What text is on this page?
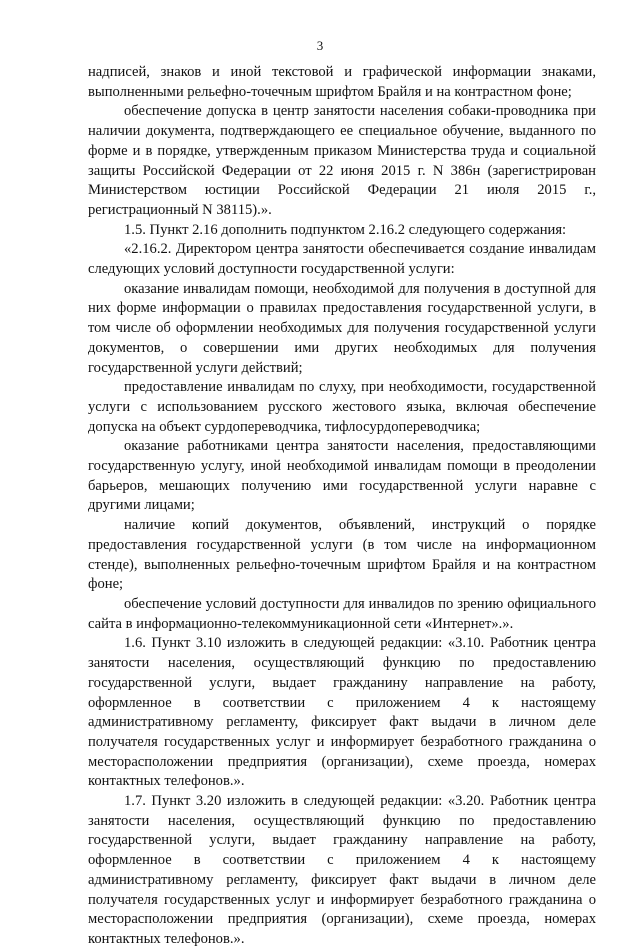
3

надписей, знаков и иной текстовой и графической информации знаками, выполненными рельефно-точечным шрифтом Брайля и на контрастном фоне;

обеспечение допуска в центр занятости населения собаки-проводника при наличии документа, подтверждающего ее специальное обучение, выданного по форме и в порядке, утвержденным приказом Министерства труда и социальной защиты Российской Федерации от 22 июня 2015 г. N 386н (зарегистрирован Министерством юстиции Российской Федерации 21 июля 2015 г., регистрационный N 38115).».

1.5. Пункт 2.16 дополнить подпунктом 2.16.2 следующего содержания:

«2.16.2. Директором центра занятости обеспечивается создание инвалидам следующих условий доступности государственной услуги:

оказание инвалидам помощи, необходимой для получения в доступной для них форме информации о правилах предоставления государственной услуги, в том числе об оформлении необходимых для получения государственной услуги документов, о совершении ими других необходимых для получения государственной услуги действий;

предоставление инвалидам по слуху, при необходимости, государственной услуги с использованием русского жестового языка, включая обеспечение допуска на объект сурдопереводчика, тифлосурдопереводчика;

оказание работниками центра занятости населения, предоставляющими государственную услугу, иной необходимой инвалидам помощи в преодолении барьеров, мешающих получению ими государственной услуги наравне с другими лицами;

наличие копий документов, объявлений, инструкций о порядке предоставления государственной услуги (в том числе на информационном стенде), выполненных рельефно-точечным шрифтом Брайля и на контрастном фоне;

обеспечение условий доступности для инвалидов по зрению официального сайта в информационно-телекоммуникационной сети «Интернет».».

1.6. Пункт 3.10 изложить в следующей редакции: «3.10. Работник центра занятости населения, осуществляющий функцию по предоставлению государственной услуги, выдает гражданину направление на работу, оформленное в соответствии с приложением 4 к настоящему административному регламенту, фиксирует факт выдачи в личном деле получателя государственных услуг и информирует безработного гражданина о месторасположении предприятия (организации), схеме проезда, номерах контактных телефонов.».

1.7. Пункт 3.20 изложить в следующей редакции: «3.20. Работник центра занятости населения, осуществляющий функцию по предоставлению государственной услуги, выдает гражданину направление на работу, оформленное в соответствии с приложением 4 к настоящему административному регламенту, фиксирует факт выдачи в личном деле получателя государственных услуг и информирует безработного гражданина о месторасположении предприятия (организации), схеме проезда, номерах контактных телефонов.».
